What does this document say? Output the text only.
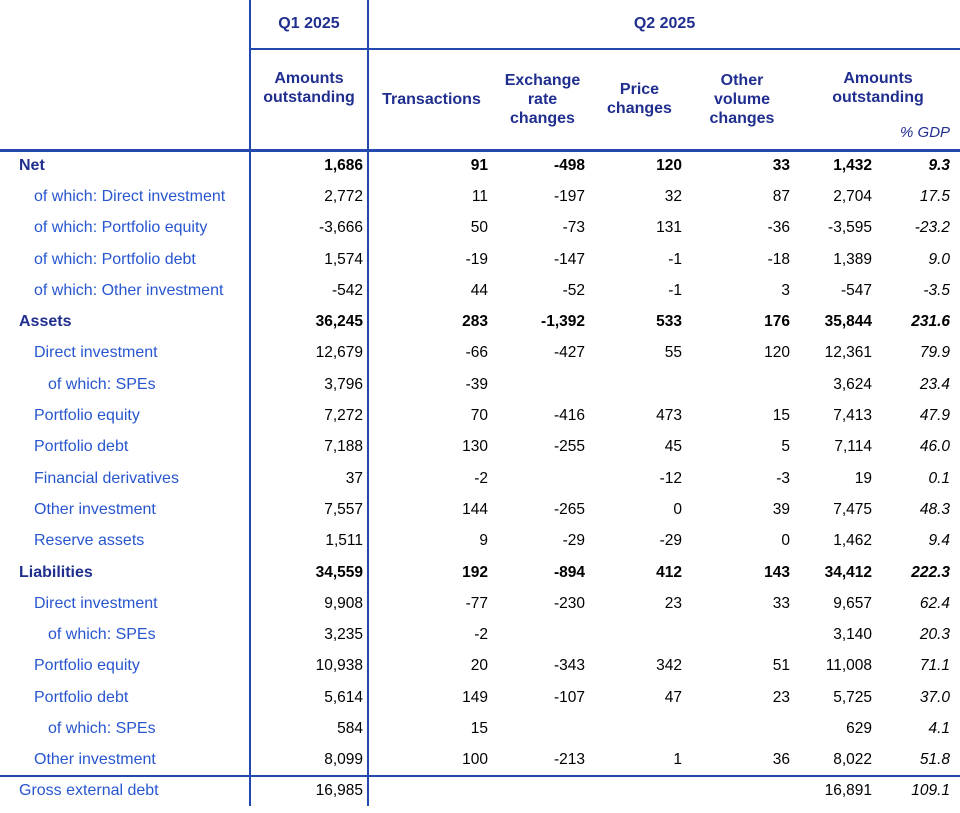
	Q1 2025	Q2 2025					

	Amounts outstanding	Transactions	Exchange rate changes	Price changes	Other volume changes	Amounts outstanding
% GDP	

Net	1,686	91	-498	120	33	1,432	9.3
of which: Direct investment	2,772	11	-197	32	87	2,704	17.5
of which: Portfolio equity	-3,666	50	-73	131	-36	-3,595	-23.2
of which: Portfolio debt	1,574	-19	-147	-1	-18	1,389	9.0
of which: Other investment	-542	44	-52	-1	3	-547	-3.5
Assets	36,245	283	-1,392	533	176	35,844	231.6
Direct investment	12,679	-66	-427	55	120	12,361	79.9
of which: SPEs	3,796	-39				3,624	23.4
Portfolio equity	7,272	70	-416	473	15	7,413	47.9
Portfolio debt	7,188	130	-255	45	5	7,114	46.0
Financial derivatives	37	-2		-12	-3	19	0.1
Other investment	7,557	144	-265	0	39	7,475	48.3
Reserve assets	1,511	9	-29	-29	0	1,462	9.4
Liabilities	34,559	192	-894	412	143	34,412	222.3
Direct investment	9,908	-77	-230	23	33	9,657	62.4
of which: SPEs	3,235	-2				3,140	20.3
Portfolio equity	10,938	20	-343	342	51	11,008	71.1
Portfolio debt	5,614	149	-107	47	23	5,725	37.0
of which: SPEs	584	15				629	4.1
Other investment	8,099	100	-213	1	36	8,022	51.8
Gross external debt	16,985					16,891	109.1
